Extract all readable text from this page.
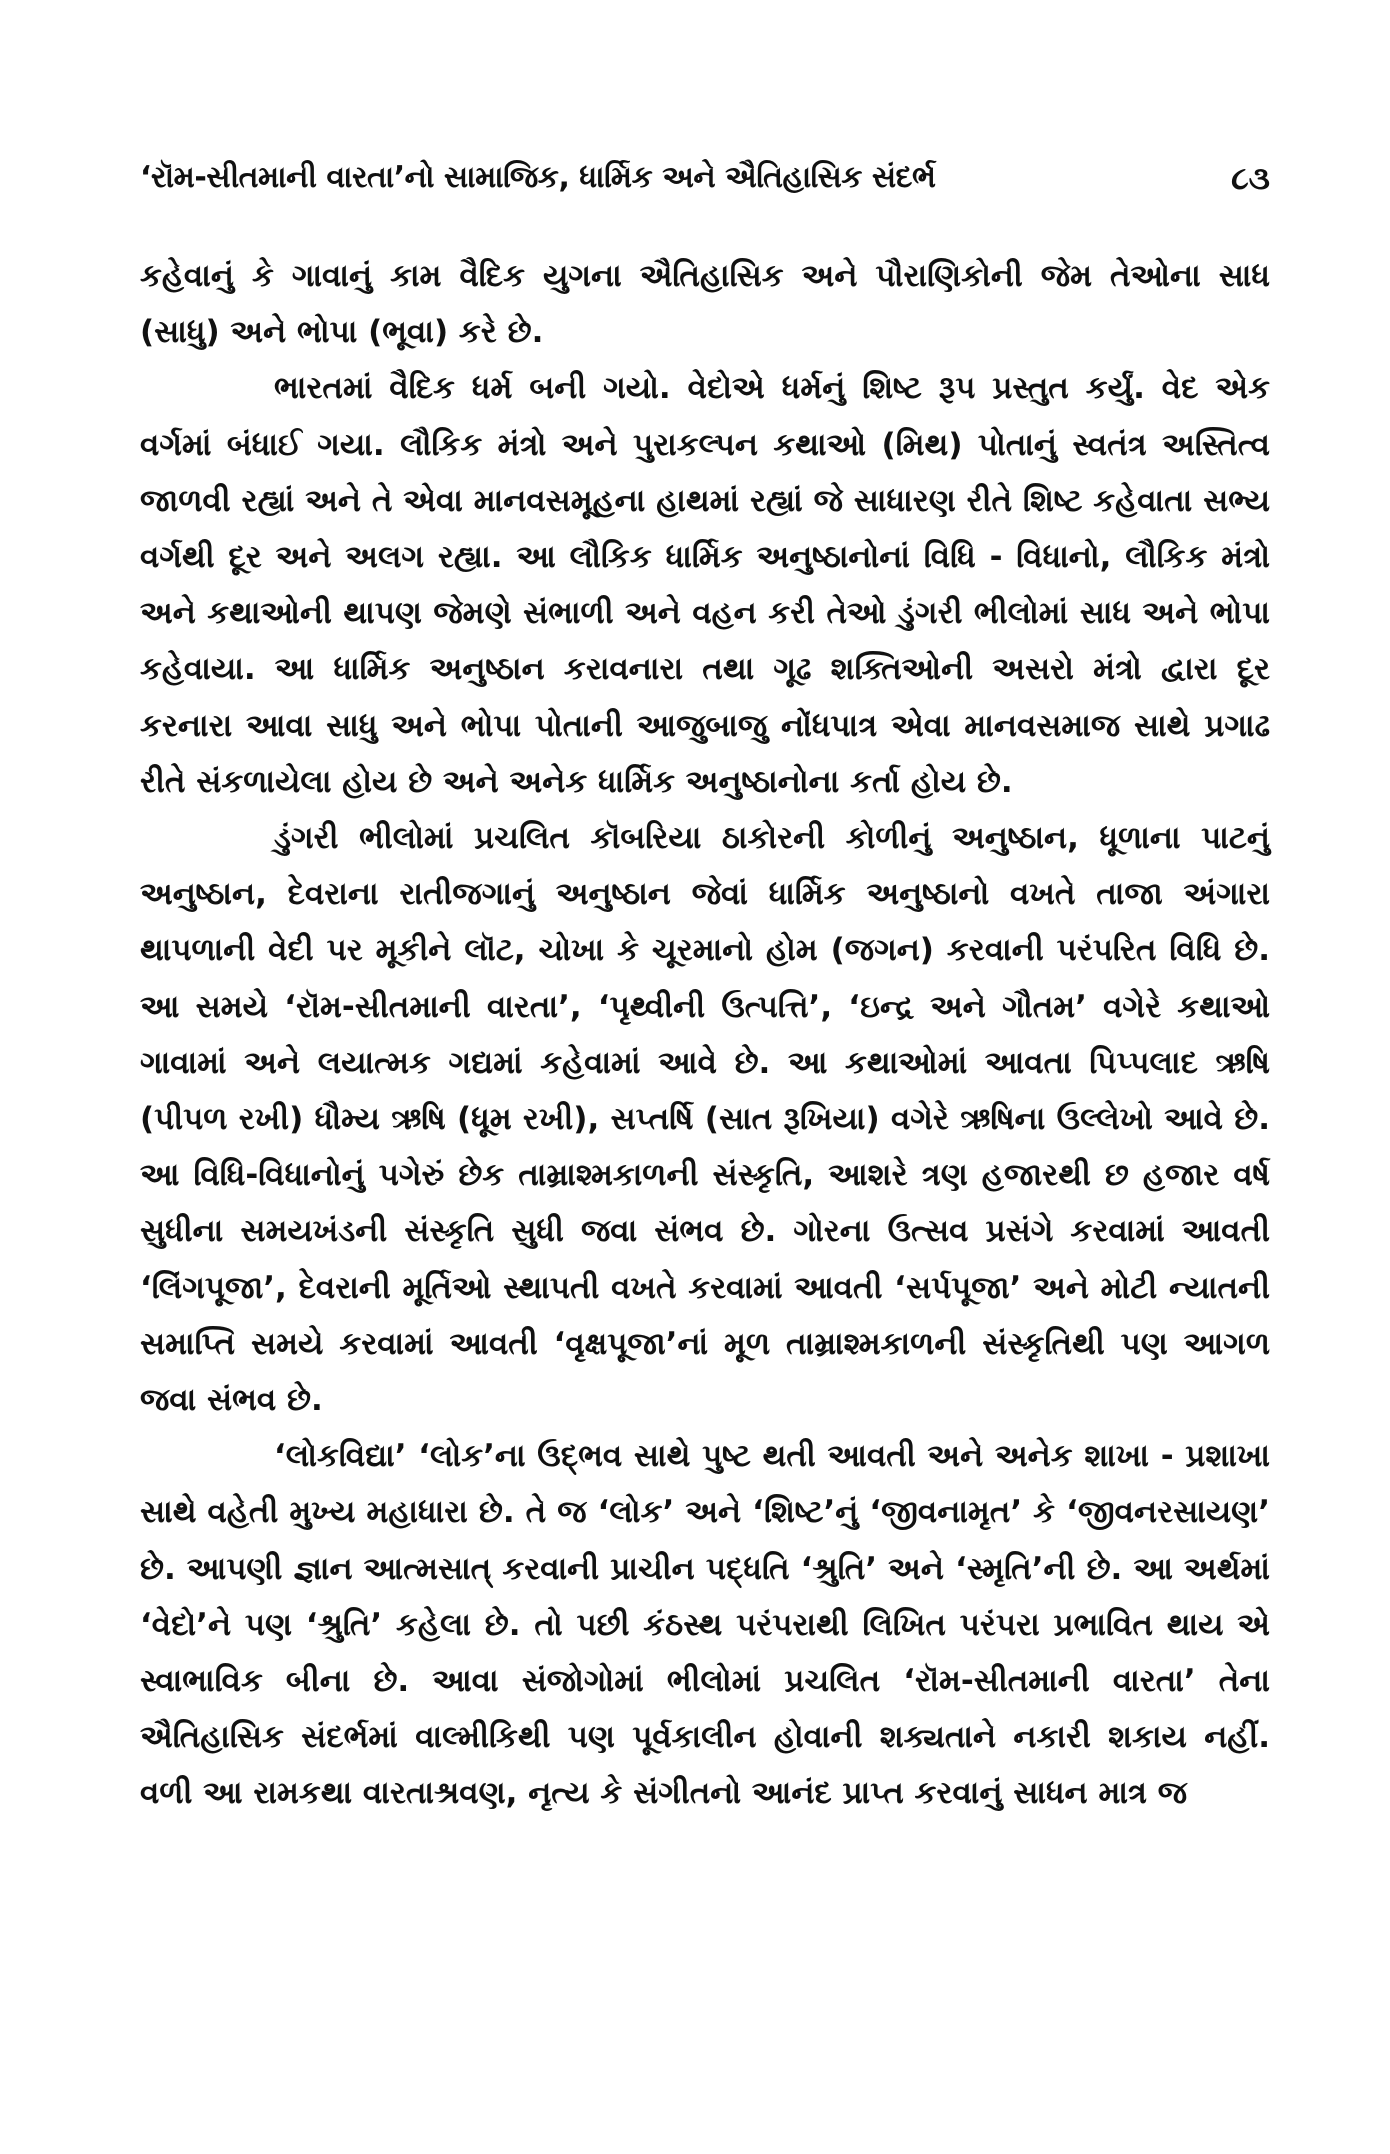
‘રૉમ-સીતમાની વારતા’નો સામાજિક, ધાર્મિક અને ઐતિહાસિક સંદર્ભ	૮૩

કહેવાનું કે ગાવાનું કામ વૈદિક યુગના ઐતિહાસિક અને પૌરાણિકોની જેમ તેઓના સાધ (સાધુ) અને ભોપા (ભૂવા) કરે છે.

ભારતમાં વૈદિક ધર્મ બની ગયો. વેદોએ ધર્મનું શિષ્ટ રૂપ પ્રસ્તુત કર્યું. વેદ એક વર્ગમાં બંધાઈ ગયા. લૌકિક મંત્રો અને પુરાકલ્પન કથાઓ (મિથ) પોતાનું સ્વતંત્ર અસ્તિત્વ જાળવી રહ્યાં અને તે એવા માનવસમૂહના હાથમાં રહ્યાં જે સાધારણ રીતે શિષ્ટ કહેવાતા સભ્ય વર્ગથી દૂર અને અલગ રહ્યા. આ લૌકિક ધાર્મિક અનુષ્ઠાનોનાં વિધિ - વિધાનો, લૌકિક મંત્રો અને કથાઓની થાપણ જેમણે સંભાળી અને વહન કરી તેઓ ડુંગરી ભીલોમાં સાધ અને ભોપા કહેવાયા. આ ધાર્મિક અનુષ્ઠાન કરાવનારા તથા ગૂઢ શક્તિઓની અસરો મંત્રો દ્વારા દૂર કરનારા આવા સાધુ અને ભોપા પોતાની આજુબાજુ નોંધપાત્ર એવા માનવસમાજ સાથે પ્રગાઢ રીતે સંકળાયેલા હોય છે અને અનેક ધાર્મિક અનુષ્ઠાનોના કર્તા હોય છે.

ડુંગરી ભીલોમાં પ્રચલિત કૉબરિયા ઠાકોરની કોળીનું અનુષ્ઠાન, ધૂળાના પાટનું અનુષ્ઠાન, દેવરાના રાતીજગાનું અનુષ્ઠાન જેવાં ધાર્મિક અનુષ્ઠાનો વખતે તાજા અંગારા થાપળાની વેદી પર મૂકીને લૉટ, ચોખા કે ચૂરમાનો હોમ (જગન) કરવાની પરંપરિત વિધિ છે. આ સમયે ‘રૉમ-સીતમાની વારતા’, ‘પૃથ્વીની ઉત્પત્તિ’, ‘ઇન્દ્ર અને ગૌતમ’ વગેરે કથાઓ ગાવામાં અને લયાત્મક ગદ્યમાં કહેવામાં આવે છે. આ કથાઓમાં આવતા પિપ્પલાદ ઋષિ (પીપળ રખી) ધૌમ્ય ઋષિ (ધૂમ રખી), સપ્તર્ષિ (સાત રૂખિયા) વગેરે ઋષિના ઉલ્લેખો આવે છે. આ વિધિ-વિધાનોનું પગેરું છેક તામ્રાશ્મકાળની સંસ્કૃતિ, આશરે ત્રણ હજારથી છ હજાર વર્ષ સુધીના સમયખંડની સંસ્કૃતિ સુધી જવા સંભવ છે. ગોરના ઉત્સવ પ્રસંગે કરવામાં આવતી ‘લિંગપૂજા’, દેવરાની મૂર્તિઓ સ્થાપતી વખતે કરવામાં આવતી ‘સર્પપૂજા’ અને મોટી ન્યાતની સમાપ્તિ સમયે કરવામાં આવતી ‘વૃક્ષપૂજા’નાં મૂળ તામ્રાશ્મકાળની સંસ્કૃતિથી પણ આગળ જવા સંભવ છે.

‘લોકવિદ્યા’ ‘લોક’ના ઉદ્ભવ સાથે પુષ્ટ થતી આવતી અને અનેક શાખા - પ્રશાખા સાથે વહેતી મુખ્ય મહાધારા છે. તે જ ‘લોક’ અને ‘શિષ્ટ’નું ‘જીવનામૃત’ કે ‘જીવનરસાયણ’ છે. આપણી જ્ઞાન આત્મસાત્ કરવાની પ્રાચીન પદ્ધતિ ‘શ્રુતિ’ અને ‘સ્મૃતિ’ની છે. આ અર્થમાં ‘વેદો’ને પણ ‘શ્રુતિ’ કહેલા છે. તો પછી કંઠસ્થ પરંપરાથી લિખિત પરંપરા પ્રભાવિત થાય એ સ્વાભાવિક બીના છે. આવા સંજોગોમાં ભીલોમાં પ્રચલિત ‘રૉમ-સીતમાની વારતા’ તેના ઐતિહાસિક સંદર્ભમાં વાલ્મીકિથી પણ પૂર્વકાલીન હોવાની શક્યતાને નકારી શકાય નહીં. વળી આ રામકથા વારતાશ્રવણ, નૃત્ય કે સંગીતનો આનંદ પ્રાપ્ત કરવાનું સાધન માત્ર જ
